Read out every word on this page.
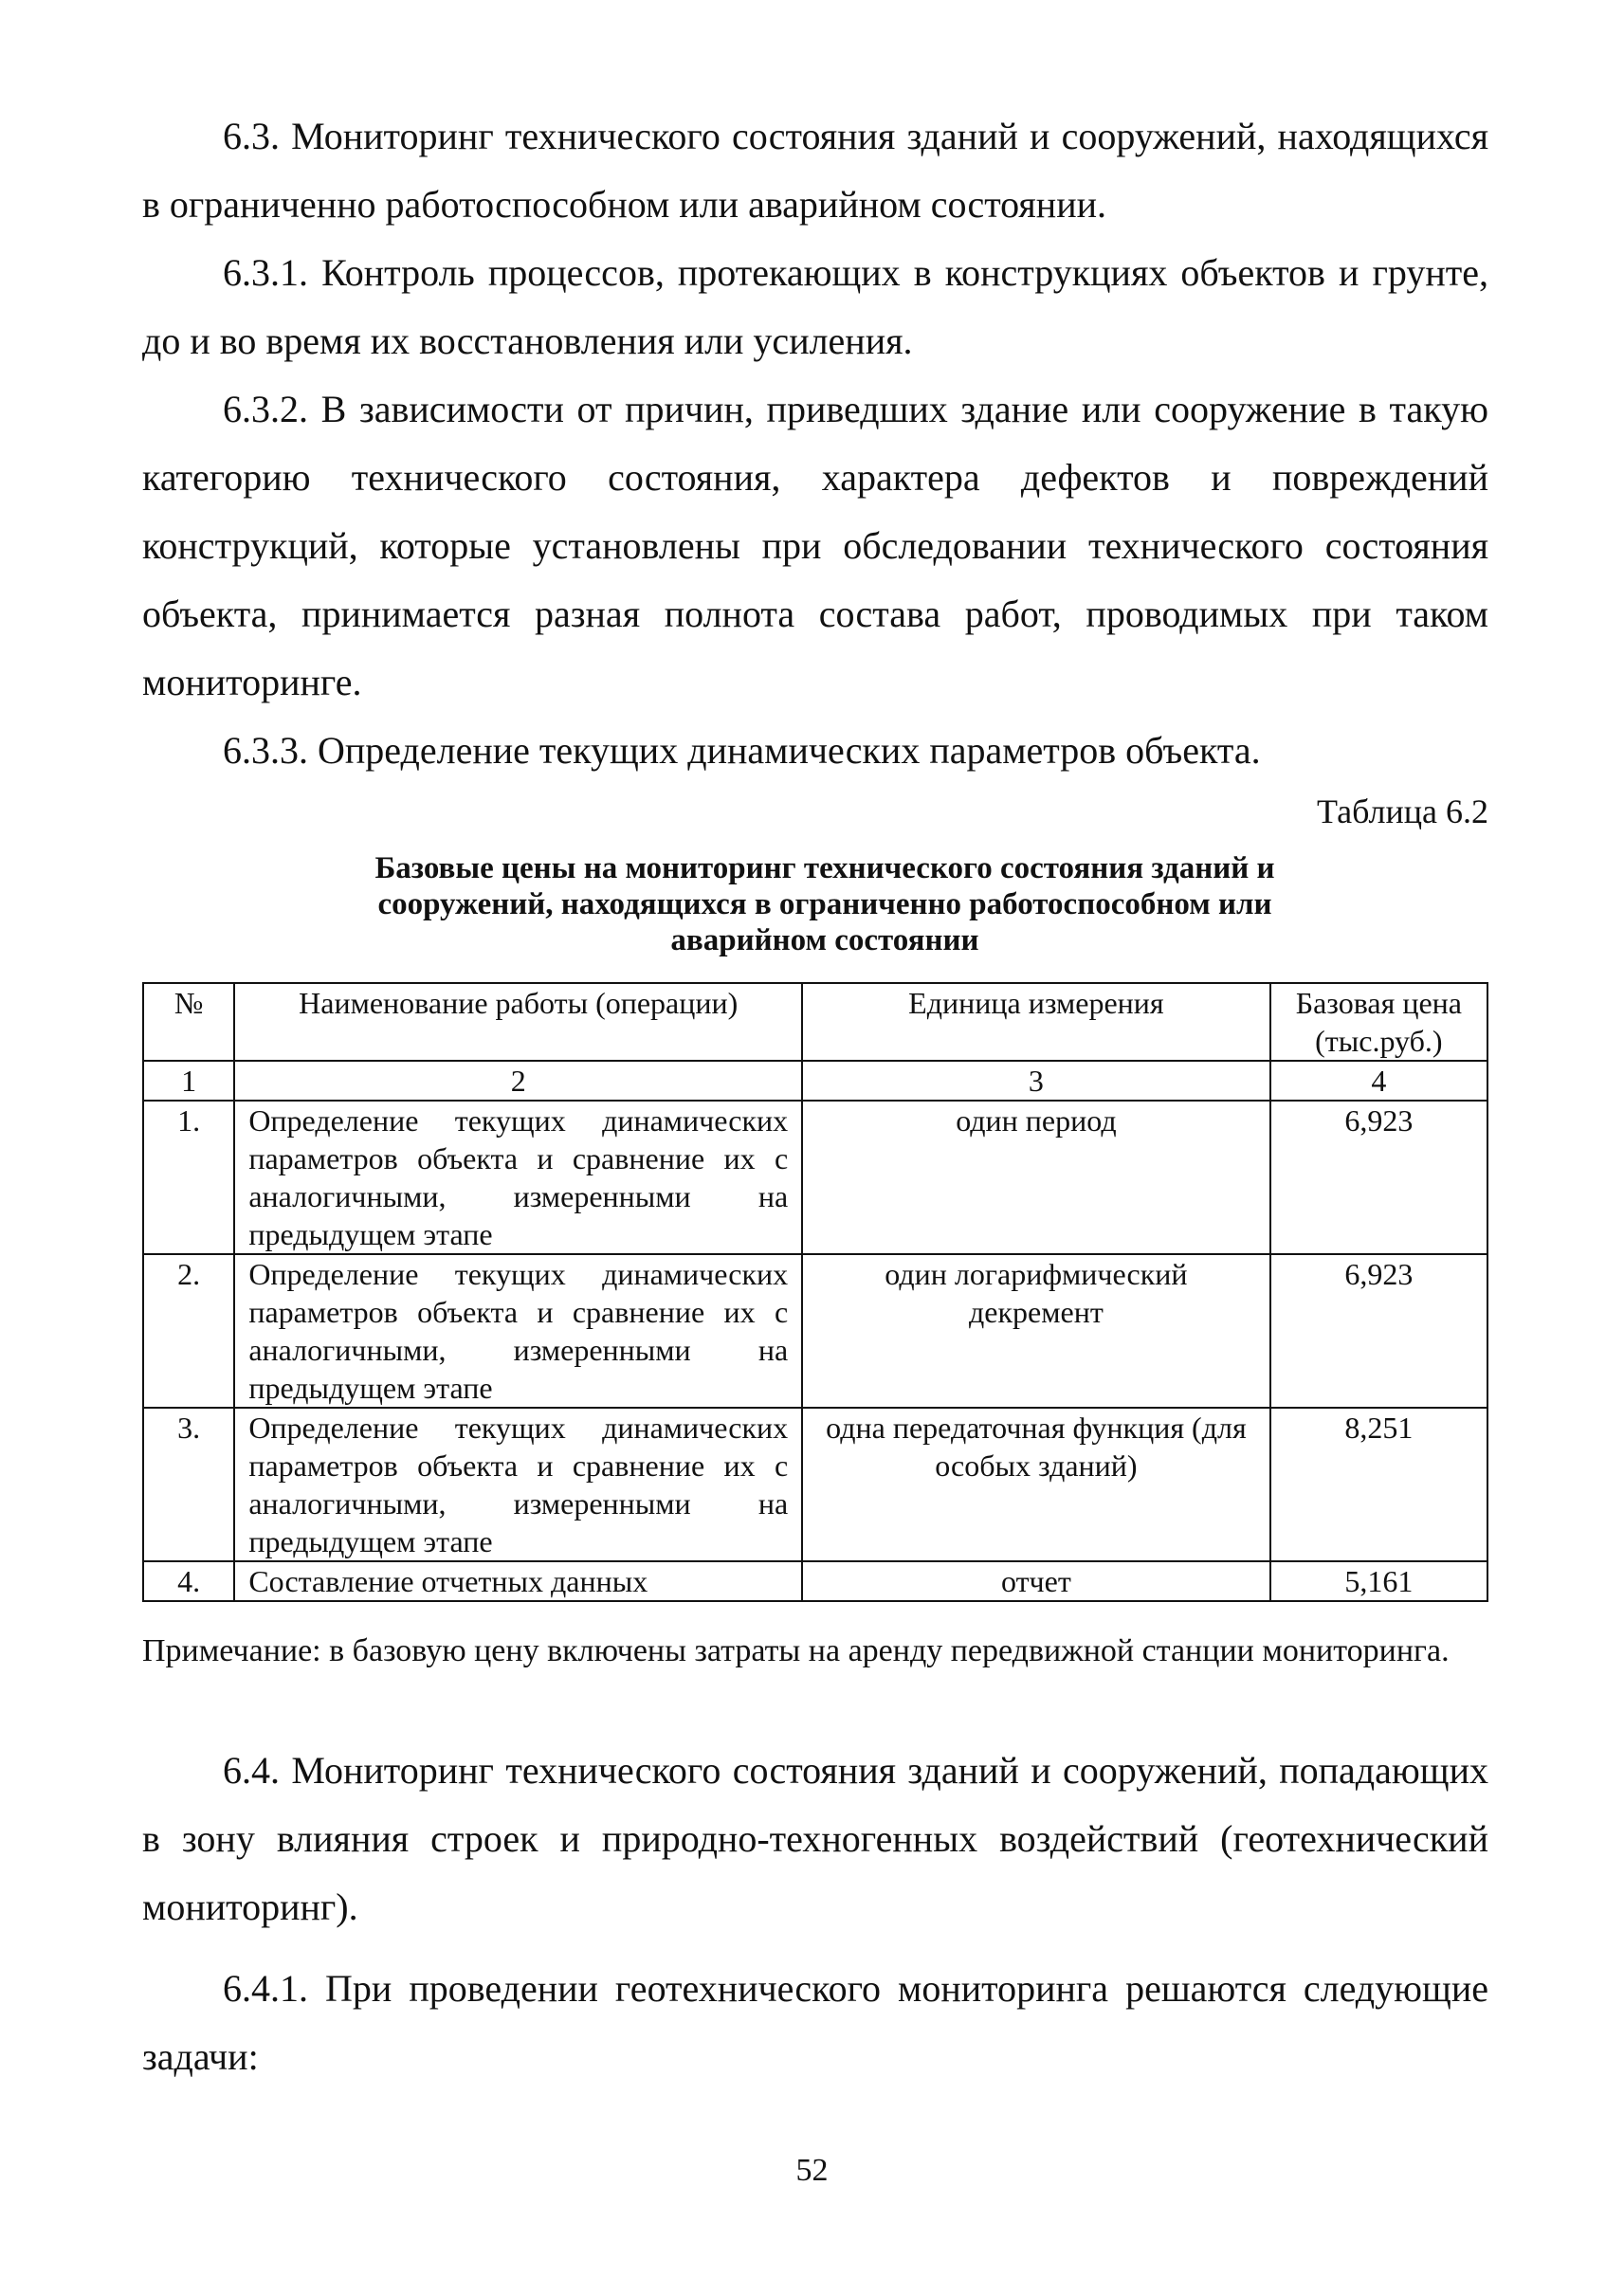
6.3. Мониторинг технического состояния зданий и сооружений, находящихся в ограниченно работоспособном или аварийном состоянии.

6.3.1. Контроль процессов, протекающих в конструкциях объектов и грунте, до и во время их восстановления или усиления.

6.3.2. В зависимости от причин, приведших здание или сооружение в такую категорию технического состояния, характера дефектов и повреждений конструкций, которые установлены при обследовании технического состояния объекта, принимается разная полнота состава работ, проводимых при таком мониторинге.

6.3.3. Определение текущих динамических параметров объекта.

Таблица 6.2
Базовые цены на мониторинг технического состояния зданий и сооружений, находящихся в ограниченно работоспособном или аварийном состоянии
№	Наименование работы (операции)	Единица измерения	Базовая цена (тыс.руб.)
1	2	3	4
1.	Определение текущих динамических параметров объекта и сравнение их с аналогичными, измеренными на предыдущем этапе	один период	6,923
2.	Определение текущих динамических параметров объекта и сравнение их с аналогичными, измеренными на предыдущем этапе	один логарифмический декремент	6,923
3.	Определение текущих динамических параметров объекта и сравнение их с аналогичными, измеренными на предыдущем этапе	одна передаточная функция (для особых зданий)	8,251
4.	Составление отчетных данных	отчет	5,161

Примечание: в базовую цену включены затраты на аренду передвижной станции мониторинга.

6.4. Мониторинг технического состояния зданий и сооружений, попадающих в зону влияния строек и природно-техногенных воздействий (геотехнический мониторинг).

6.4.1. При проведении геотехнического мониторинга решаются следующие задачи:

52
